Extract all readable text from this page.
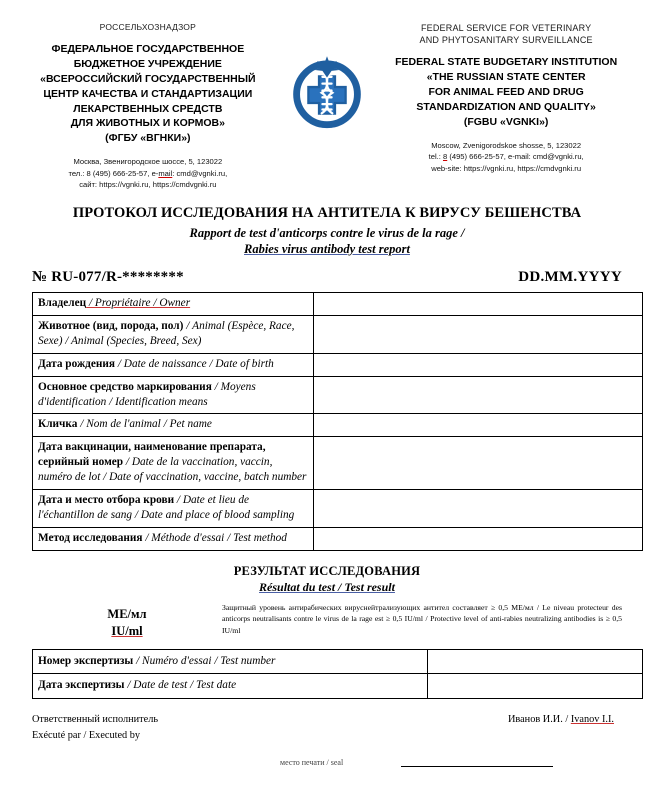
РОССЕЛЬХОЗНАДЗОР
ФЕДЕРАЛЬНОЕ ГОСУДАРСТВЕННОЕ
БЮДЖЕТНОЕ УЧРЕЖДЕНИЕ
«ВСЕРОССИЙСКИЙ ГОСУДАРСТВЕННЫЙ
ЦЕНТР КАЧЕСТВА И СТАНДАРТИЗАЦИИ
ЛЕКАРСТВЕННЫХ СРЕДСТВ
ДЛЯ ЖИВОТНЫХ И КОРМОВ»
(ФГБУ «ВГНКИ»)
Москва, Звенигородское шоссе, 5, 123022
тел.: 8 (495) 666-25-57, e-mail: cmd@vgnki.ru,
сайт: https://vgnki.ru, https://cmdvgnki.ru
FEDERAL SERVICE FOR VETERINARY
AND PHYTOSANITARY SURVEILLANCE
FEDERAL STATE BUDGETARY INSTITUTION
«THE RUSSIAN STATE CENTER
FOR ANIMAL FEED AND DRUG
STANDARDIZATION AND QUALITY»
(FGBU «VGNKI»)
Moscow, Zvenigorodskoe shosse, 5, 123022
tel.: 8 (495) 666-25-57, e-mail: cmd@vgnki.ru,
web-site: https://vgnki.ru, https://cmdvgnki.ru
ПРОТОКОЛ ИССЛЕДОВАНИЯ НА АНТИТЕЛА К ВИРУСУ БЕШЕНСТВА
Rapport de test d'anticorps contre le virus de la rage /
Rabies virus antibody test report
№ RU-077/R-********	DD.MM.YYYY
Владелец / Propriétaire / Owner	
Животное (вид, порода, пол) / Animal (Espèce, Race, Sexe) / Animal (Species, Breed, Sex)	
Дата рождения / Date de naissance / Date of birth	
Основное средство маркирования / Moyens d'identification / Identification means	
Кличка / Nom de l'animal / Pet name	
Дата вакцинации, наименование препарата, серийный номер / Date de la vaccination, vaccin, numéro de lot / Date of vaccination, vaccine, batch number	
Дата и место отбора крови / Date et lieu de l'échantillon de sang / Date and place of blood sampling	
Метод исследования / Méthode d'essai / Test method	
РЕЗУЛЬТАТ ИССЛЕДОВАНИЯ
Résultat du test / Test result
МЕ/мл
IU/ml
Защитный уровень антирабических вируснейтрализующих антител составляет ≥ 0,5 МЕ/мл / Le niveau protecteur des anticorps neutralisants contre le virus de la rage est ≥ 0,5 IU/ml / Protective level of anti-rabies neutralizing antibodies is ≥ 0,5 IU/ml
Номер экспертизы / Numéro d'essai / Test number	
Дата экспертизы / Date de test / Test date	
Ответственный исполнитель
Exécuté par / Executed by
Иванов И.И. / Ivanov I.I.
место печати / seal
